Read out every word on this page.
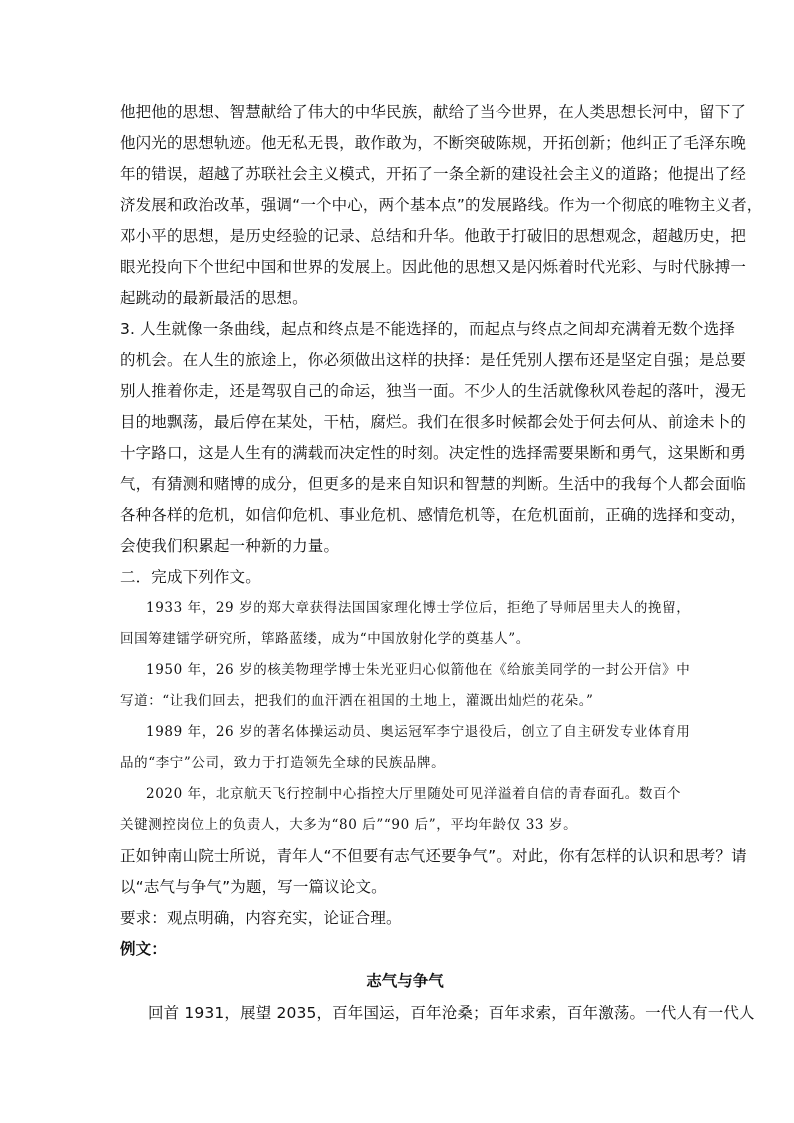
他把他的思想、智慧献给了伟大的中华民族，献给了当今世界，在人类思想长河中，留下了
他闪光的思想轨迹。他无私无畏，敢作敢为，不断突破陈规，开拓创新；他纠正了毛泽东晚
年的错误，超越了苏联社会主义模式，开拓了一条全新的建设社会主义的道路；他提出了经
济发展和政治改革，强调“一个中心，两个基本点”的发展路线。作为一个彻底的唯物主义者，
邓小平的思想，是历史经验的记录、总结和升华。他敢于打破旧的思想观念，超越历史，把
眼光投向下个世纪中国和世界的发展上。因此他的思想又是闪烁着时代光彩、与时代脉搏一
起跳动的最新最活的思想。
3. 人生就像一条曲线，起点和终点是不能选择的，而起点与终点之间却充满着无数个选择
的机会。在人生的旅途上，你必须做出这样的抉择：是任凭别人摆布还是坚定自强；是总要
别人推着你走，还是驾驭自己的命运，独当一面。不少人的生活就像秋风卷起的落叶，漫无
目的地飘荡，最后停在某处，干枯，腐烂。我们在很多时候都会处于何去何从、前途未卜的
十字路口，这是人生有的满载而决定性的时刻。决定性的选择需要果断和勇气，这果断和勇
气，有猜测和赌博的成分，但更多的是来自知识和智慧的判断。生活中的我每个人都会面临
各种各样的危机，如信仰危机、事业危机、感情危机等，在危机面前，正确的选择和变动，
会使我们积累起一种新的力量。
二．完成下列作文。
1933 年，29 岁的郑大章获得法国国家理化博士学位后，拒绝了导师居里夫人的挽留，
回国筹建镭学研究所，筚路蓝缕，成为“中国放射化学的奠基人”。
1950 年，26 岁的核美物理学博士朱光亚归心似箭他在《给旅美同学的一封公开信》中
写道：“让我们回去，把我们的血汗洒在祖国的土地上，灌溉出灿烂的花朵。”
1989 年，26 岁的著名体操运动员、奥运冠军李宁退役后，创立了自主研发专业体育用
品的“李宁”公司，致力于打造领先全球的民族品牌。
2020 年，北京航天飞行控制中心指控大厅里随处可见洋溢着自信的青春面孔。数百个
关键测控岗位上的负责人，大多为“80 后”“90 后”，平均年龄仅 33 岁。
正如钟南山院士所说，青年人“不但要有志气还要争气”。对此，你有怎样的认识和思考？请
以“志气与争气”为题，写一篇议论文。
要求：观点明确，内容充实，论证合理。
例文：
志气与争气
回首 1931，展望 2035，百年国运，百年沧桑；百年求索，百年激荡。一代人有一代人
